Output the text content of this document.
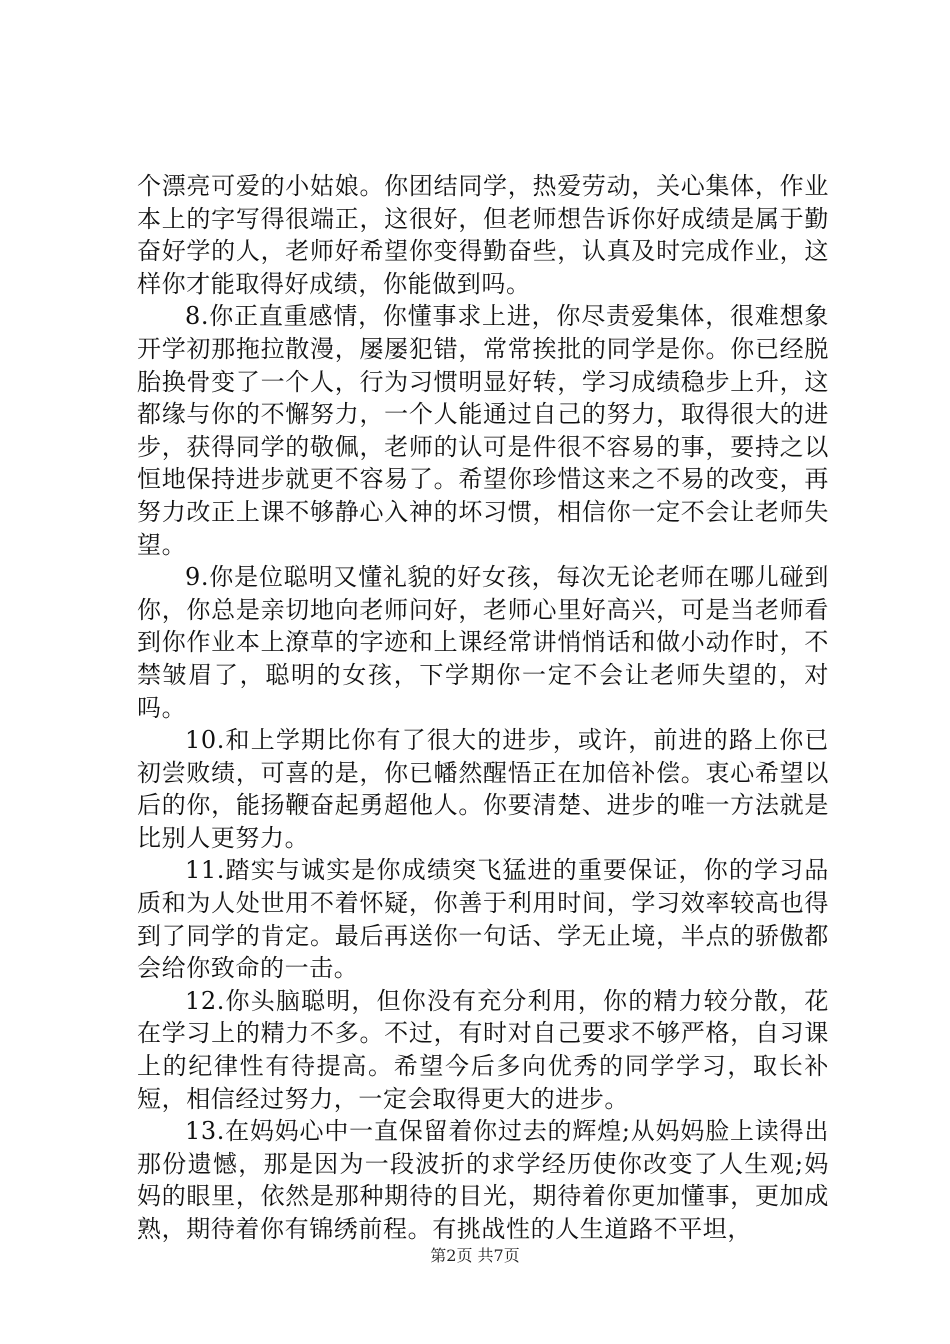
个漂亮可爱的小姑娘。你团结同学，热爱劳动，关心集体，作业本上的字写得很端正，这很好，但老师想告诉你好成绩是属于勤奋好学的人，老师好希望你变得勤奋些，认真及时完成作业，这样你才能取得好成绩，你能做到吗。

8.你正直重感情，你懂事求上进，你尽责爱集体，很难想象开学初那拖拉散漫，屡屡犯错，常常挨批的同学是你。你已经脱胎换骨变了一个人，行为习惯明显好转，学习成绩稳步上升，这都缘与你的不懈努力，一个人能通过自己的努力，取得很大的进步，获得同学的敬佩，老师的认可是件很不容易的事，要持之以恒地保持进步就更不容易了。希望你珍惜这来之不易的改变，再努力改正上课不够静心入神的坏习惯，相信你一定不会让老师失望。

9.你是位聪明又懂礼貌的好女孩，每次无论老师在哪儿碰到你，你总是亲切地向老师问好，老师心里好高兴，可是当老师看到你作业本上潦草的字迹和上课经常讲悄悄话和做小动作时，不禁皱眉了，聪明的女孩，下学期你一定不会让老师失望的，对吗。

10.和上学期比你有了很大的进步，或许，前进的路上你已初尝败绩，可喜的是，你已幡然醒悟正在加倍补偿。衷心希望以后的你，能扬鞭奋起勇超他人。你要清楚、进步的唯一方法就是比别人更努力。

11.踏实与诚实是你成绩突飞猛进的重要保证，你的学习品质和为人处世用不着怀疑，你善于利用时间，学习效率较高也得到了同学的肯定。最后再送你一句话、学无止境，半点的骄傲都会给你致命的一击。

12.你头脑聪明，但你没有充分利用，你的精力较分散，花在学习上的精力不多。不过，有时对自己要求不够严格，自习课上的纪律性有待提高。希望今后多向优秀的同学学习，取长补短，相信经过努力，一定会取得更大的进步。

13.在妈妈心中一直保留着你过去的辉煌;从妈妈脸上读得出那份遗憾，那是因为一段波折的求学经历使你改变了人生观;妈妈的眼里，依然是那种期待的目光，期待着你更加懂事，更加成熟，期待着你有锦绣前程。有挑战性的人生道路不平坦，

第2页 共7页
